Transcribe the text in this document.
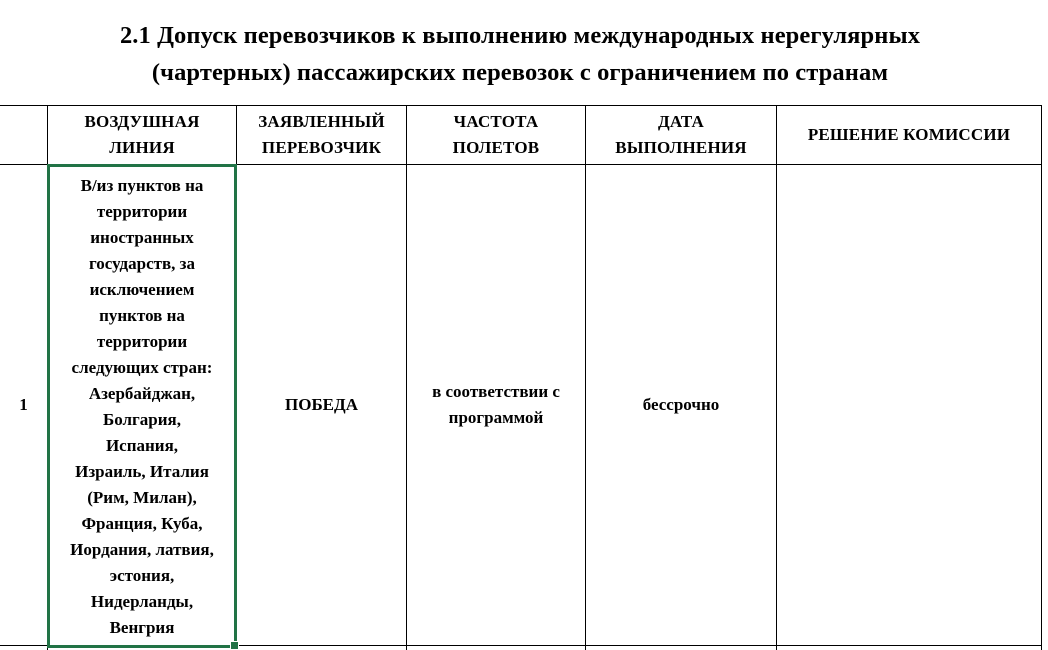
2.1 Допуск перевозчиков к выполнению международных нерегулярных
(чартерных) пассажирских перевозок с ограничением по странам
ВОЗДУШНАЯ
ЛИНИЯ
ЗАЯВЛЕННЫЙ
ПЕРЕВОЗЧИК
ЧАСТОТА
ПОЛЕТОВ
ДАТА
ВЫПОЛНЕНИЯ
РЕШЕНИЕ КОМИССИИ
1
В/из пунктов на
территории
иностранных
государств, за
исключением
пунктов на
территории
следующих стран:
Азербайджан,
Болгария,
Испания,
Израиль, Италия
(Рим, Милан),
Франция, Куба,
Иордания, латвия,
эстония,
Нидерланды,
Венгрия
ПОБЕДА
в соответствии с
программой
бессрочно
